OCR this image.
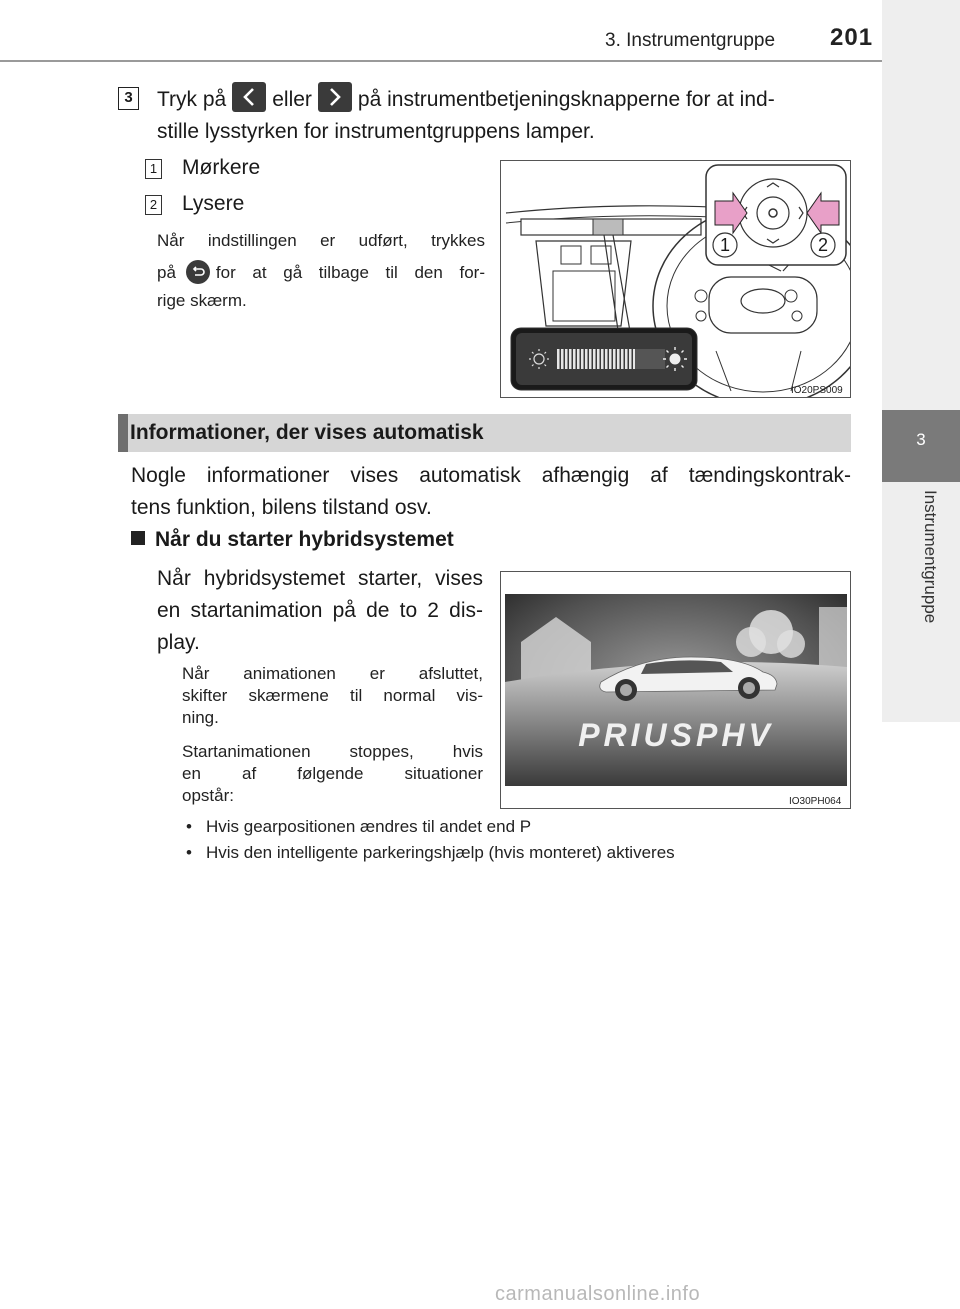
3. Instrumentgruppe 201
3
Instrumentgruppe
3	Tryk på eller på instrumentbetjeningsknapperne for at ind-
stille lysstyrken for instrumentgruppens lamper.
1 Mørkere
2 Lysere
Når indstillingen er udført, trykkes
på for at gå tilbage til den for-
rige skærm.
1	2
IO20PS009
Informationer, der vises automatisk
Nogle informationer vises automatisk afhængig af tændingskontrak-
tens funktion, bilens tilstand osv.
Når du starter hybridsystemet
Når hybridsystemet starter, vises
en startanimation på de to 2 dis-
play.
Når animationen er afsluttet,
skifter skærmene til normal vis-
ning.
Startanimationen stoppes, hvis
en af følgende situationer
opstår:
• Hvis gearpositionen ændres til andet end P
• Hvis den intelligente parkeringshjælp (hvis monteret) aktiveres
PRIUSPHV
IO30PH064
carmanualsonline.info
